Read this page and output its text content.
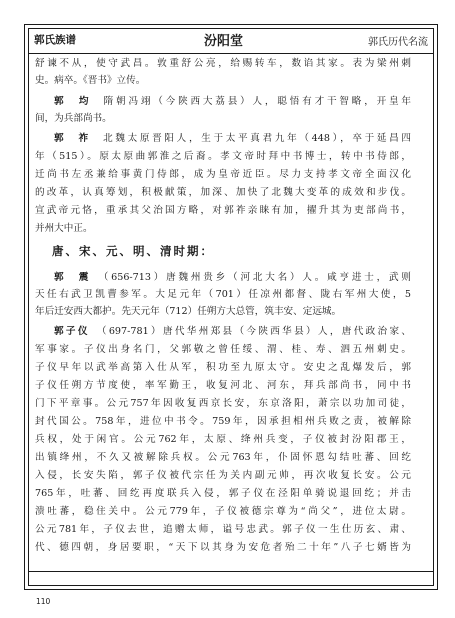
郭氏族谱	汾阳堂	郭氏历代名流
舒谏不从，使守武昌。敦重舒公亮，给赐转车，数谄其家。表为梁州刺
史。病卒。《晋书》立传。
郭　均　隋朝冯翊（今陕西大荔县）人，聪悟有才干智略，开皇年
间，为兵部尚书。
郭　祚　北魏太原晋阳人，生于太平真君九年（448），卒于延昌四
年（515）。原太原曲郭淮之后裔。孝文帝时拜中书博士，转中书侍郎，
迁尚书左丞兼给事黄门侍郎，成为皇帝近臣。尽力支持孝文帝全面汉化
的改革，认真筹划，积极献策，加深、加快了北魏大变革的成效和步伐。
宣武帝元恪，重承其父治国方略，对郭祚亲睐有加，擢升其为吏部尚书，
并州大中正。
唐、宋、元、明、清时期：
郭　震　（656-713）唐魏州贵乡（河北大名）人。咸亨进士，武则
天任右武卫凯曹参军。大足元年（701）任凉州都督、陇右军州大使，5
年后迁安西大都护。先天元年（712）任朔方大总管，筑丰安、定远城。
郭子仪　（697-781）唐代华州郑县（今陕西华县）人，唐代政治家、
军事家。子仪出身名门，父郭敬之曾任绥、渭、桂、寿、泗五州刺史。
子仪早年以武举高第入仕从军，积功至九原太守。安史之乱爆发后，郭
子仪任朔方节度使，率军勤王，收复河北、河东，拜兵部尚书，同中书
门下平章事。公元757年因收复西京长安，东京洛阳，萧宗以功加司徒，
封代国公。758年，进位中书令。759年，因承担相州兵败之责，被解除
兵权，处于闲官。公元762年，太原、绛州兵变，子仪被封汾阳郡王，
出镇绛州，不久又被解除兵权。公元763年，仆固怀恩勾结吐蕃、回纥
入侵，长安失陷，郭子仪被代宗任为关内副元帅，再次收复长安。公元
765年，吐蕃、回纥再度联兵入侵，郭子仪在泾阳单骑说退回纥；并击
溃吐蕃，稳住关中。公元779年，子仪被德宗尊为“尚父”，进位太尉。
公元781年，子仪去世，追赠太师，谥号忠武。郭子仪一生仕历玄、肃、
代、德四朝，身居要职，“天下以其身为安危者殆二十年”八子七婿皆为
110
